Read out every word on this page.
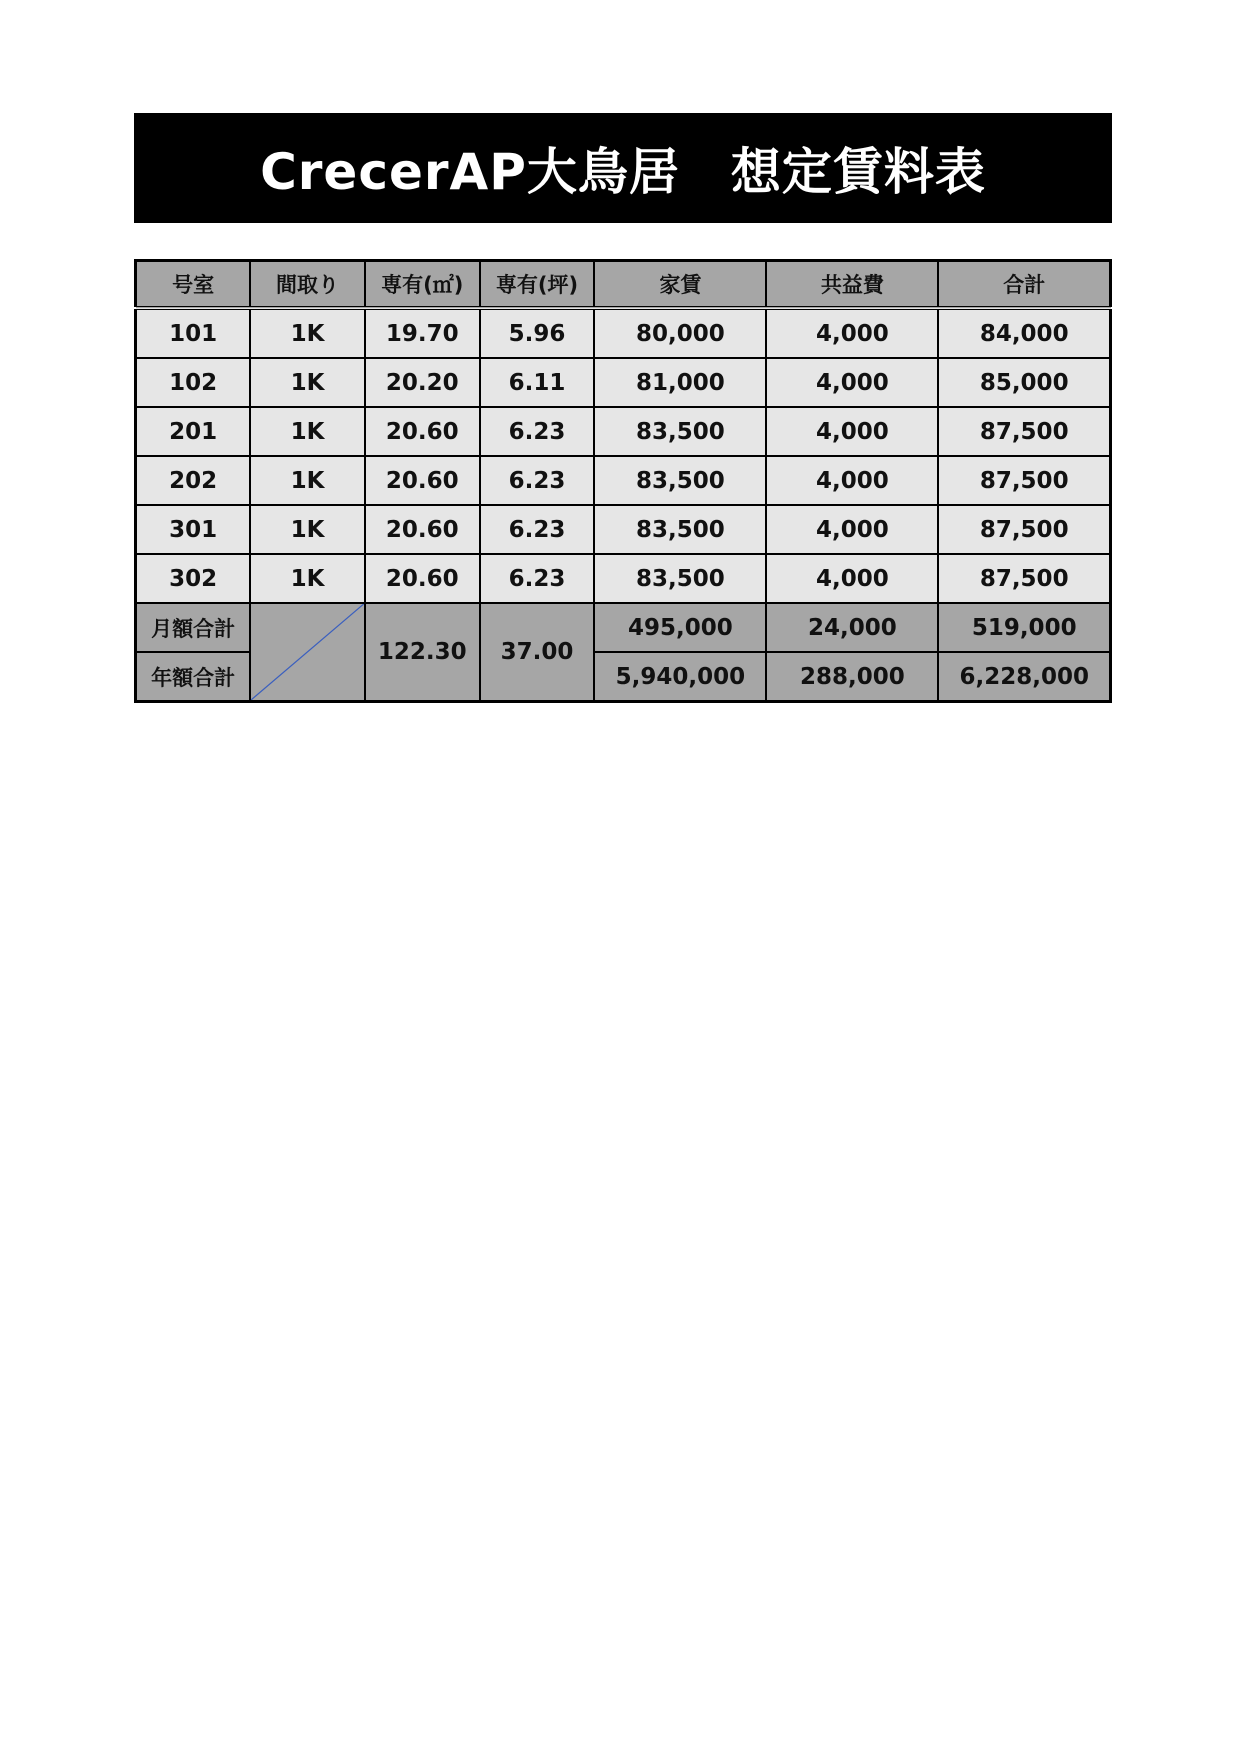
CrecerAP大鳥居　想定賃料表
号室	間取り	専有(㎡)	専有(坪)	家賃	共益費	合計
101	1K	19.70	5.96	80,000	4,000	84,000
102	1K	20.20	6.11	81,000	4,000	85,000
201	1K	20.60	6.23	83,500	4,000	87,500
202	1K	20.60	6.23	83,500	4,000	87,500
301	1K	20.60	6.23	83,500	4,000	87,500
302	1K	20.60	6.23	83,500	4,000	87,500
月額合計		122.30	37.00	495,000	24,000	519,000
年額合計				5,940,000	288,000	6,228,000
